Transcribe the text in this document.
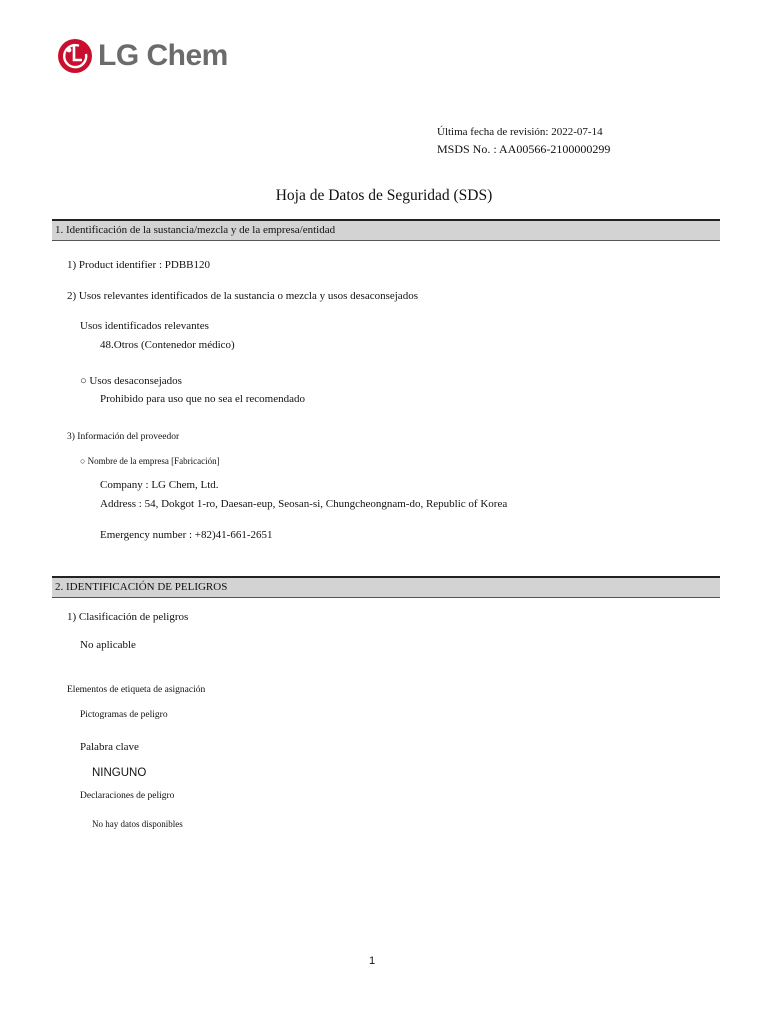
LG Chem
Última fecha de revisión: 2022-07-14
MSDS No. : AA00566-2100000299
Hoja de Datos de Seguridad (SDS)
1. Identificación de la sustancia/mezcla y de la empresa/entidad
1) Product identifier : PDBB120
2) Usos relevantes identificados de la sustancia o mezcla y usos desaconsejados
Usos identificados relevantes
48.Otros (Contenedor médico)
○ Usos desaconsejados
Prohibido para uso que no sea el recomendado
3) Información del proveedor
○ Nombre de la empresa [Fabricación]
Company : LG Chem, Ltd.
Address : 54, Dokgot 1-ro, Daesan-eup, Seosan-si, Chungcheongnam-do, Republic of Korea
Emergency number : +82)41-661-2651
2. IDENTIFICACIÓN DE PELIGROS
1) Clasificación de peligros
No aplicable
Elementos de etiqueta de asignación
Pictogramas de peligro
Palabra clave
NINGUNO
Declaraciones de peligro
No hay datos disponibles
1
